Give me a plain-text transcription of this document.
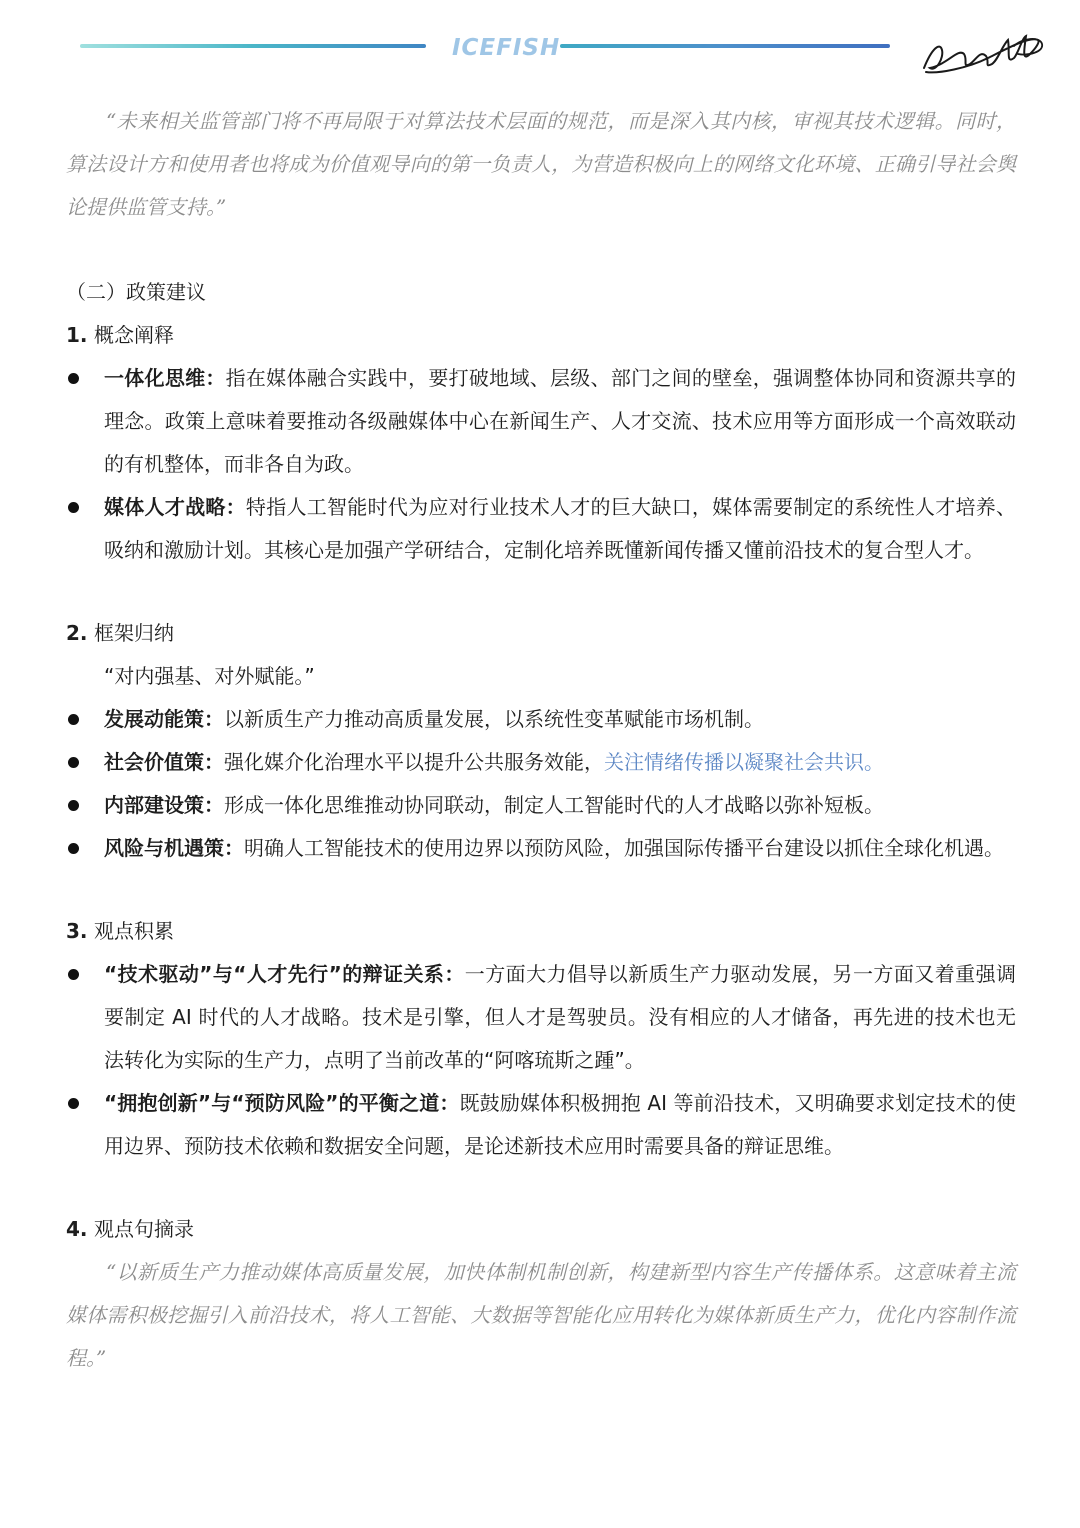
ICEFISH

“未来相关监管部门将不再局限于对算法技术层面的规范，而是深入其内核，审视其技术逻辑。同时，算法设计方和使用者也将成为价值观导向的第一负责人，为营造积极向上的网络文化环境、正确引导社会舆论提供监管支持。”

（二）政策建议
1. 概念阐释
一体化思维：指在媒体融合实践中，要打破地域、层级、部门之间的壁垒，强调整体协同和资源共享的理念。政策上意味着要推动各级融媒体中心在新闻生产、人才交流、技术应用等方面形成一个高效联动的有机整体，而非各自为政。
媒体人才战略：特指人工智能时代为应对行业技术人才的巨大缺口，媒体需要制定的系统性人才培养、吸纳和激励计划。其核心是加强产学研结合，定制化培养既懂新闻传播又懂前沿技术的复合型人才。
2. 框架归纳
“对内强基、对外赋能。”
发展动能策：以新质生产力推动高质量发展，以系统性变革赋能市场机制。
社会价值策：强化媒介化治理水平以提升公共服务效能，关注情绪传播以凝聚社会共识。
内部建设策：形成一体化思维推动协同联动，制定人工智能时代的人才战略以弥补短板。
风险与机遇策：明确人工智能技术的使用边界以预防风险，加强国际传播平台建设以抓住全球化机遇。
3. 观点积累
“技术驱动”与“人才先行”的辩证关系：一方面大力倡导以新质生产力驱动发展，另一方面又着重强调要制定 AI 时代的人才战略。技术是引擎，但人才是驾驶员。没有相应的人才储备，再先进的技术也无法转化为实际的生产力，点明了当前改革的“阿喀琉斯之踵”。
“拥抱创新”与“预防风险”的平衡之道：既鼓励媒体积极拥抱 AI 等前沿技术，又明确要求划定技术的使用边界、预防技术依赖和数据安全问题，是论述新技术应用时需要具备的辩证思维。
4. 观点句摘录

“以新质生产力推动媒体高质量发展，加快体制机制创新，构建新型内容生产传播体系。这意味着主流媒体需积极挖掘引入前沿技术，将人工智能、大数据等智能化应用转化为媒体新质生产力，优化内容制作流程。”
